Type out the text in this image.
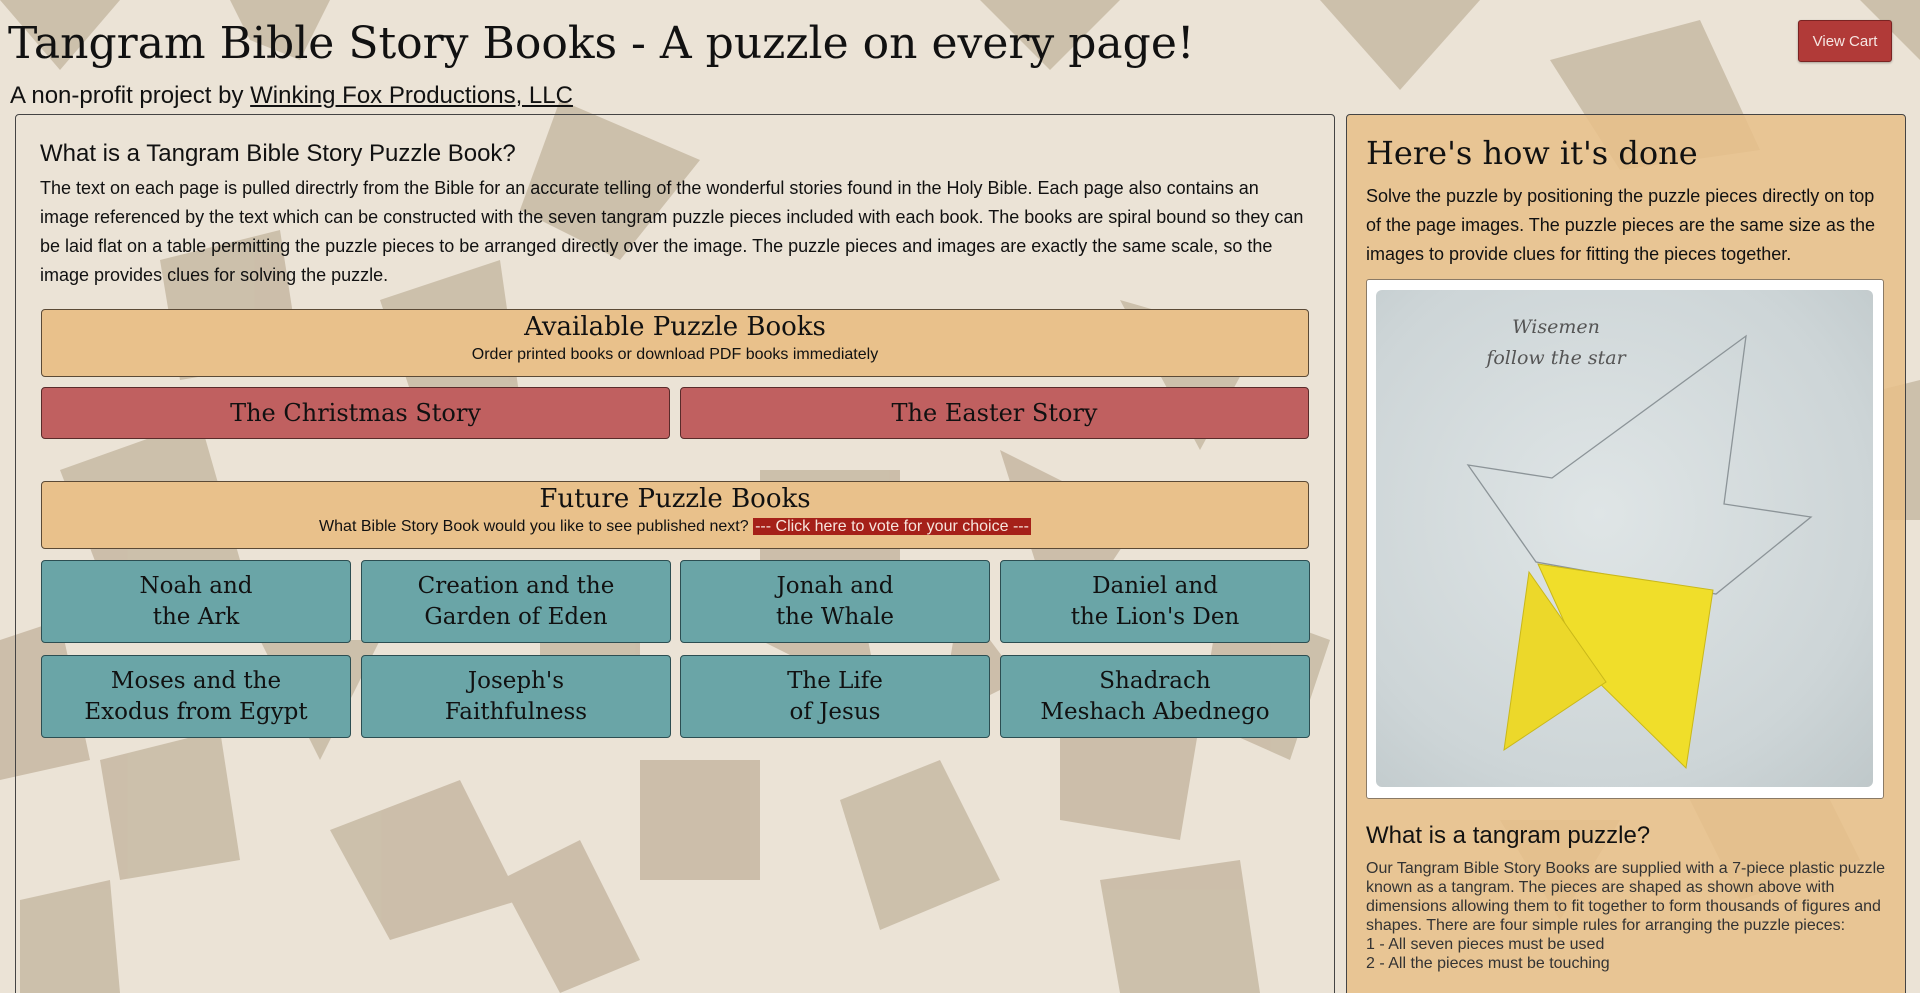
Tangram Bible Story Books - A puzzle on every page!
A non-profit project by Winking Fox Productions, LLC
View Cart
What is a Tangram Bible Story Puzzle Book?

The text on each page is pulled directrly from the Bible for an accurate telling of the wonderful stories found in the Holy Bible. Each page also contains an image referenced by the text which can be constructed with the seven tangram puzzle pieces included with each book. The books are spiral bound so they can be laid flat on a table permitting the puzzle pieces to be arranged directly over the image. The puzzle pieces and images are exactly the same scale, so the image provides clues for solving the puzzle.

Available Puzzle Books
Order printed books or download PDF books immediately
The Christmas Story	The Easter Story
Future Puzzle Books
What Bible Story Book would you like to see published next? --- Click here to vote for your choice ---
Noah and
the Ark
Creation and the
Garden of Eden
Jonah and
the Whale
Daniel and
the Lion's Den
Moses and the
Exodus from Egypt
Joseph's
Faithfulness
The Life
of Jesus
Shadrach
Meshach Abednego
Here's how it's done

Solve the puzzle by positioning the puzzle pieces directly on top of the page images. The puzzle pieces are the same size as the images to provide clues for fitting the pieces together.

Wisemen
follow the star
What is a tangram puzzle?
Our Tangram Bible Story Books are supplied with a 7-piece plastic puzzle known as a tangram. The pieces are shaped as shown above with dimensions allowing them to fit together to form thousands of figures and shapes. There are four simple rules for arranging the puzzle pieces:
1 - All seven pieces must be used
2 - All the pieces must be touching
